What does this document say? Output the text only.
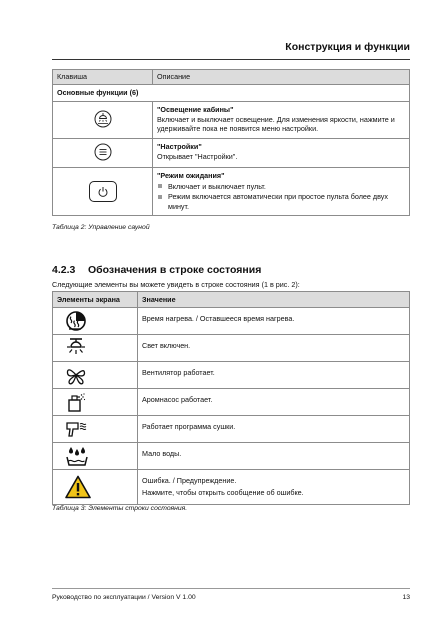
Конструкция и функции
Клавиша	Описание
Основные функции (6)	

"Освещение кабины"
Включает и выключает освещение. Для изменения яркости, нажмите и удерживайте пока не появится меню настройки.

"Настройки"
Открывает "Настройки".

"Режим ожидания"
Включает и выключает пульт.
Режим включается автоматически при простое пульта более двух минут.
Таблица 2: Управление сауной
4.2.3 Обозначения в строке состояния
Следующие элементы вы можете увидеть в строке состояния (1 в рис. 2):
Элементы экрана	Значение

	Время нагрева. / Оставшееся время нагрева.

	Свет включен.

	Вентилятор работает.

	Аромнасос работает.

	Работает программа сушки.

	Мало воды.

Ошибка. / Предупреждение.
Нажмите, чтобы открыть сообщение об ошибке.
Таблица 3: Элементы строки состояния.
Руководство по эксплуатации / Version V 1.00	13
